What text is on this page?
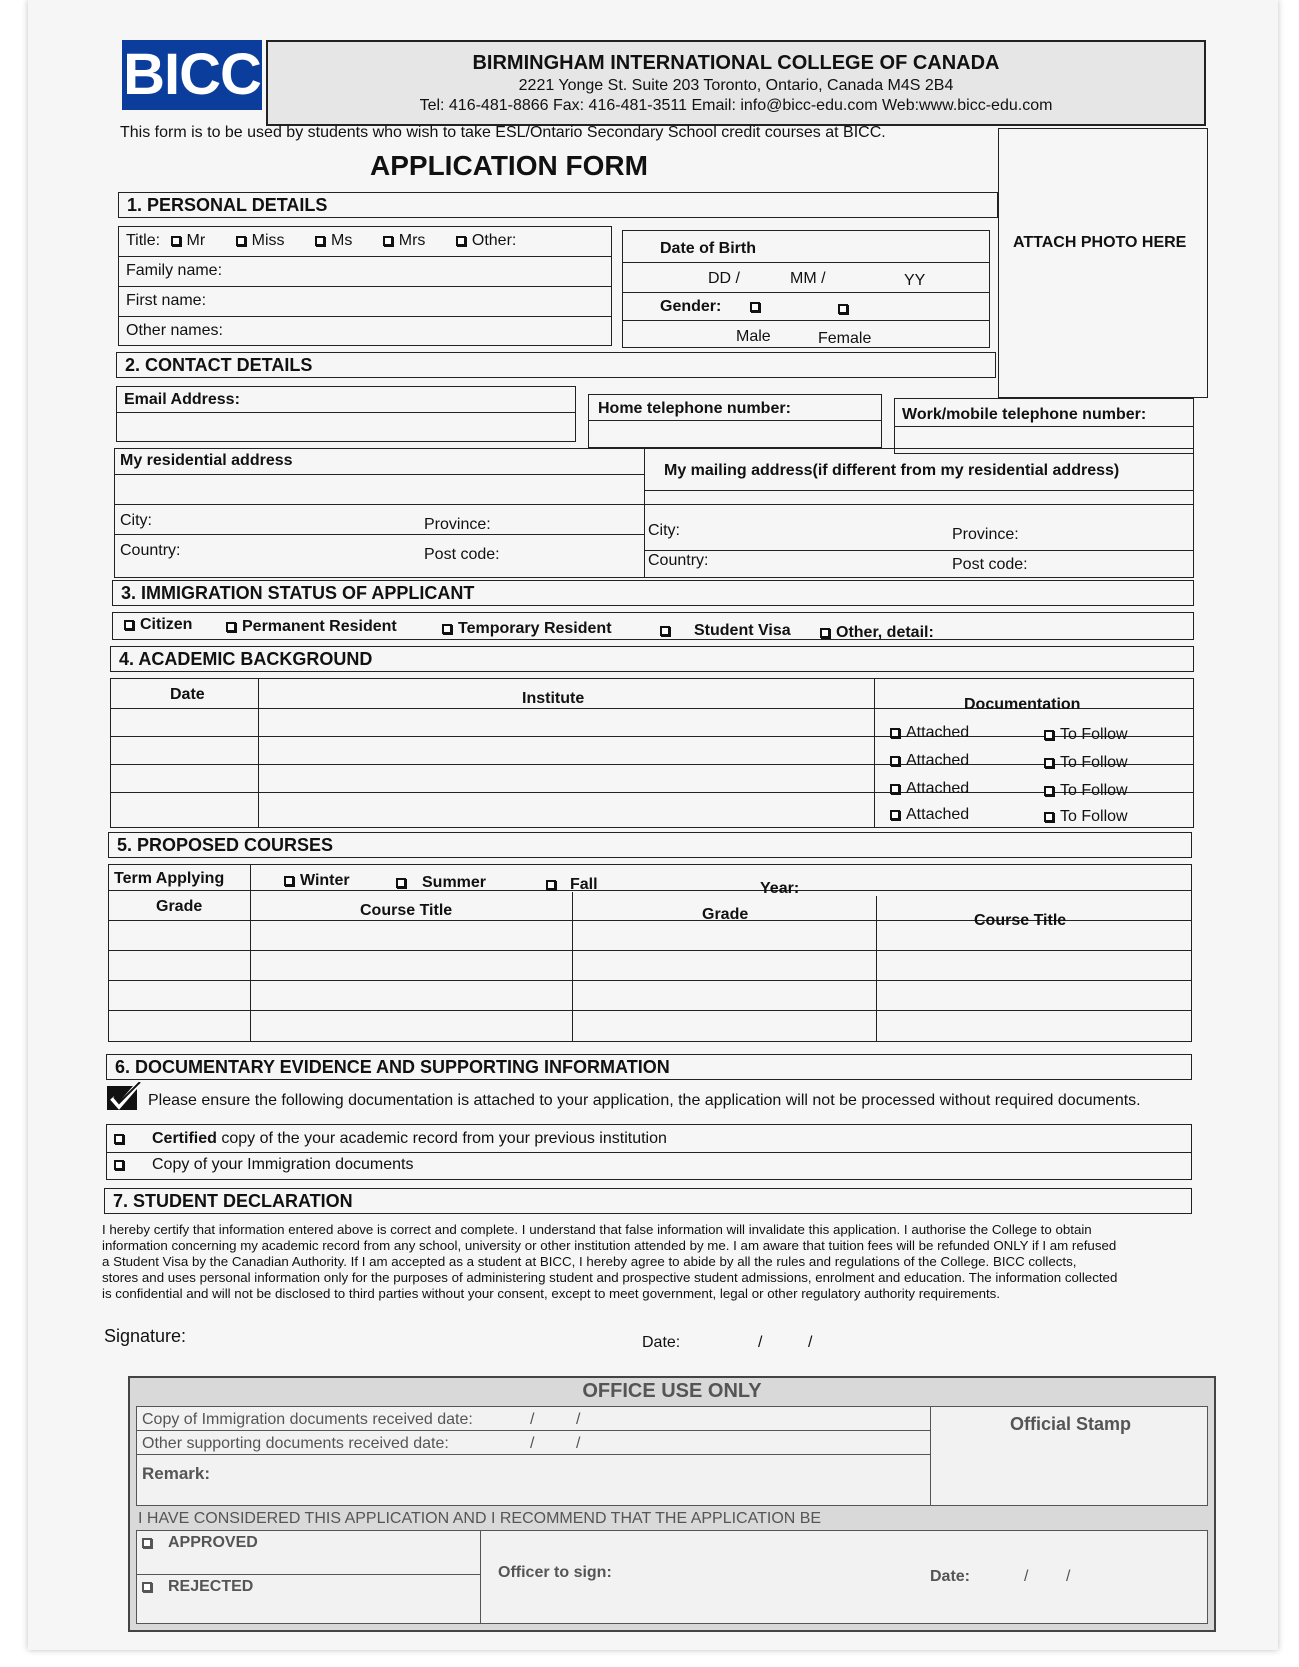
BICC	BIRMINGHAM INTERNATIONAL COLLEGE OF CANADA
2221 Yonge St. Suite 203 Toronto, Ontario, Canada M4S 2B4
Tel: 416-481-8866 Fax: 416-481-3511 Email: info@bicc-edu.com Web:www.bicc-edu.com
This form is to be used by students who wish to take ESL/Ontario Secondary School credit courses at BICC.
APPLICATION FORM
ATTACH PHOTO HERE
1. PERSONAL DETAILS
Title: Mr	Miss	Ms	Mrs	Other:
Family name:
First name:
Other names:
Date of Birth
DD /	MM /	YY
Gender:
Male	Female
2. CONTACT DETAILS
Email Address:
Home telephone number:	Work/mobile telephone number:
My residential address
My mailing address(if different from my residential address)
City:	Province:
Country:	Post code:
City:	Province:
Country:	Post code:
3. IMMIGRATION STATUS OF APPLICANT
Citizen	Permanent Resident	Temporary Resident	Student Visa	Other, detail:
4. ACADEMIC BACKGROUND
Date	Institute	Documentation
Attached	To Follow
Attached	To Follow
Attached	To Follow
Attached	To Follow
5. PROPOSED COURSES
Term Applying	Winter	Summer	Fall	Year:
Grade	Course Title	Grade	Course Title
6. DOCUMENTARY EVIDENCE AND SUPPORTING INFORMATION
Please ensure the following documentation is attached to your application, the application will not be processed without required documents.
Certified copy of the your academic record from your previous institution
Copy of your Immigration documents
7. STUDENT DECLARATION
I hereby certify that information entered above is correct and complete. I understand that false information will invalidate this application. I authorise the College to obtain
information concerning my academic record from any school, university or other institution attended by me. I am aware that tuition fees will be refunded ONLY if I am refused
a Student Visa by the Canadian Authority. If I am accepted as a student at BICC, I hereby agree to abide by all the rules and regulations of the College. BICC collects,
stores and uses personal information only for the purposes of administering student and prospective student admissions, enrolment and education. The information collected
is confidential and will not be disclosed to third parties without your consent, except to meet government, legal or other regulatory authority requirements.
Signature:	Date:	/	/
OFFICE USE ONLY
Copy of Immigration documents received date:	/	/
Other supporting documents received date:	/	/
Remark:
Official Stamp
I HAVE CONSIDERED THIS APPLICATION AND I RECOMMEND THAT THE APPLICATION BE
APPROVED
REJECTED
Officer to sign:	Date:	/ /
